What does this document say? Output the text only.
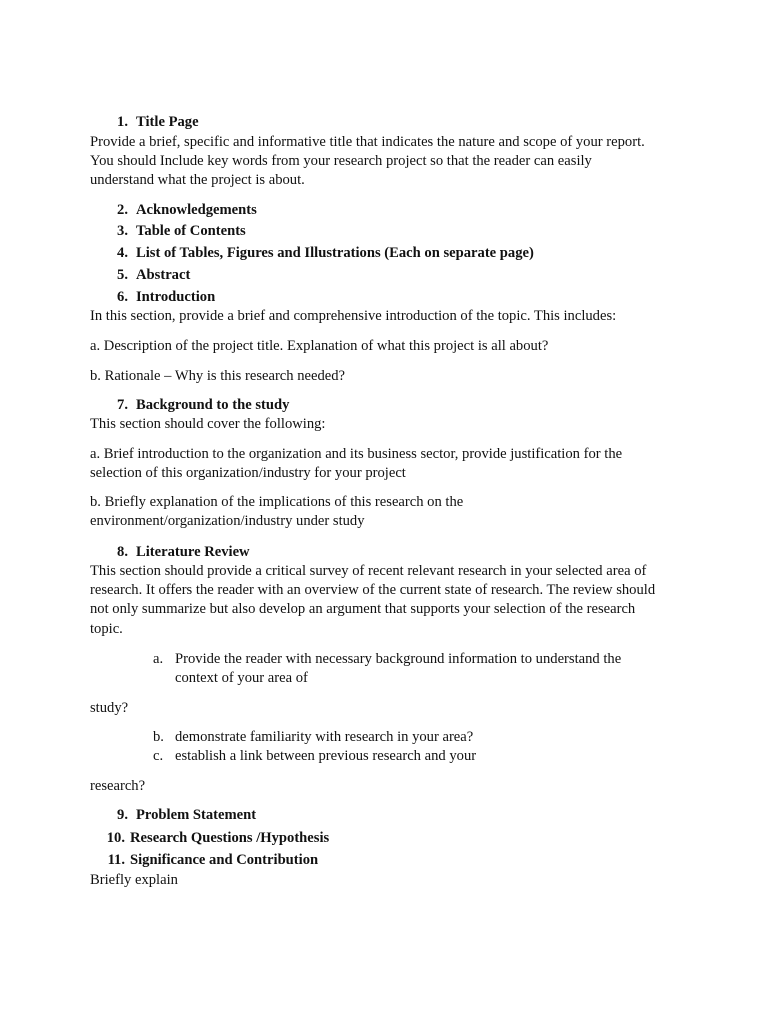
1. Title Page
Provide a brief, specific and informative title that indicates the nature and scope of your report.
You should Include key words from your research project so that the reader can easily
understand what the project is about.
2. Acknowledgements
3. Table of Contents
4. List of Tables, Figures and Illustrations (Each on separate page)
5. Abstract
6. Introduction
In this section, provide a brief and comprehensive introduction of the topic. This includes:
a. Description of the project title. Explanation of what this project is all about?
b. Rationale – Why is this research needed?
7. Background to the study
This section should cover the following:
a. Brief introduction to the organization and its business sector, provide justification for the
selection of this organization/industry for your project
b. Briefly explanation of the implications of this research on the
environment/organization/industry under study
8. Literature Review
This section should provide a critical survey of recent relevant research in your selected area of
research. It offers the reader with an overview of the current state of research. The review should
not only summarize but also develop an argument that supports your selection of the research
topic.
a. Provide the reader with necessary background information to understand the
context of your area of
study?
b. demonstrate familiarity with research in your area?
c. establish a link between previous research and your
research?
9. Problem Statement
10. Research Questions /Hypothesis
11. Significance and Contribution
Briefly explain
